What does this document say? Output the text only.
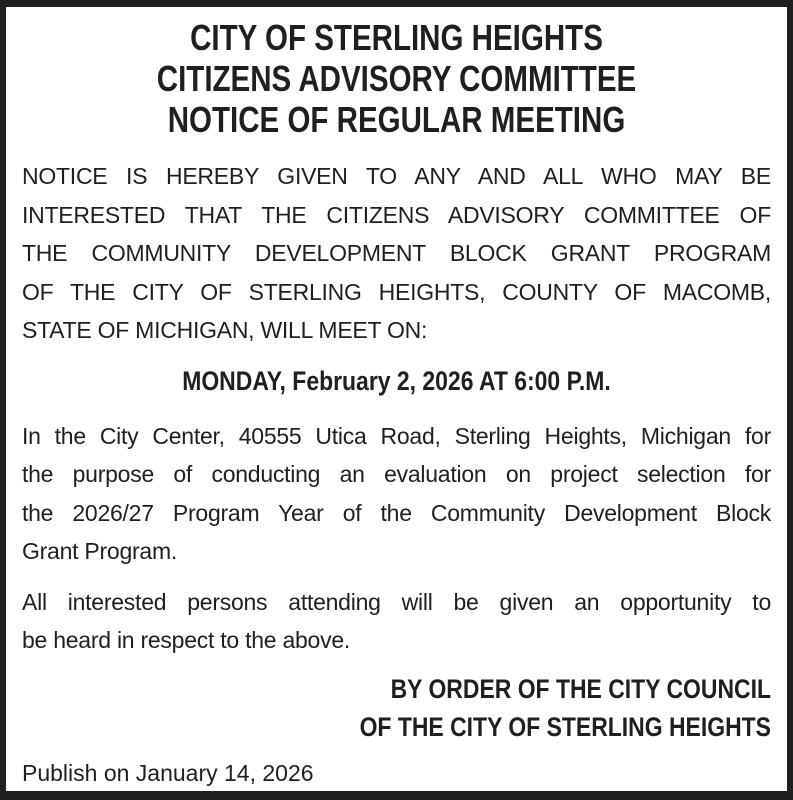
CITY OF STERLING HEIGHTS
CITIZENS ADVISORY COMMITTEE
NOTICE OF REGULAR MEETING
NOTICE IS HEREBY GIVEN TO ANY AND ALL WHO MAY BE
INTERESTED THAT THE CITIZENS ADVISORY COMMITTEE OF
THE COMMUNITY DEVELOPMENT BLOCK GRANT PROGRAM
OF THE CITY OF STERLING HEIGHTS, COUNTY OF MACOMB,
STATE OF MICHIGAN, WILL MEET ON:
MONDAY, February 2, 2026 AT 6:00 P.M.
In the City Center, 40555 Utica Road, Sterling Heights, Michigan for
the purpose of conducting an evaluation on project selection for
the 2026/27 Program Year of the Community Development Block
Grant Program.
All interested persons attending will be given an opportunity to
be heard in respect to the above.
BY ORDER OF THE CITY COUNCIL
OF THE CITY OF STERLING HEIGHTS
Publish on January 14, 2026
